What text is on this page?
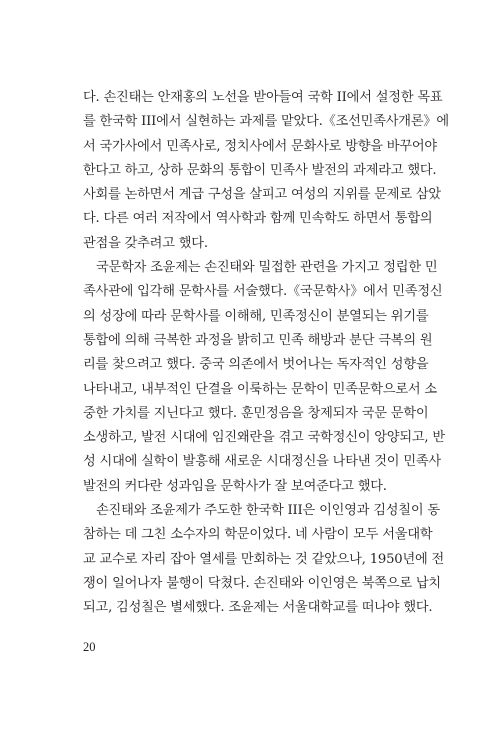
다. 손진태는 안재홍의 노선을 받아들여 국학 II에서 설정한 목표
를 한국학 III에서 실현하는 과제를 맡았다.《조선민족사개론》에
서 국가사에서 민족사로, 정치사에서 문화사로 방향을 바꾸어야
한다고 하고, 상하 문화의 통합이 민족사 발전의 과제라고 했다.
사회를 논하면서 계급 구성을 살피고 여성의 지위를 문제로 삼았
다. 다른 여러 저작에서 역사학과 함께 민속학도 하면서 통합의
관점을 갖추려고 했다.
국문학자 조윤제는 손진태와 밀접한 관련을 가지고 정립한 민
족사관에 입각해 문학사를 서술했다.《국문학사》에서 민족정신
의 성장에 따라 문학사를 이해해, 민족정신이 분열되는 위기를
통합에 의해 극복한 과정을 밝히고 민족 해방과 분단 극복의 원
리를 찾으려고 했다. 중국 의존에서 벗어나는 독자적인 성향을
나타내고, 내부적인 단결을 이룩하는 문학이 민족문학으로서 소
중한 가치를 지닌다고 했다. 훈민정음을 창제되자 국문 문학이
소생하고, 발전 시대에 임진왜란을 겪고 국학정신이 앙양되고, 반
성 시대에 실학이 발흥해 새로운 시대정신을 나타낸 것이 민족사
발전의 커다란 성과임을 문학사가 잘 보여준다고 했다.
손진태와 조윤제가 주도한 한국학 III은 이인영과 김성칠이 동
참하는 데 그친 소수자의 학문이었다. 네 사람이 모두 서울대학
교 교수로 자리 잡아 열세를 만회하는 것 같았으나, 1950년에 전
쟁이 일어나자 불행이 닥쳤다. 손진태와 이인영은 북쪽으로 납치
되고, 김성칠은 별세했다. 조윤제는 서울대학교를 떠나야 했다.
20
